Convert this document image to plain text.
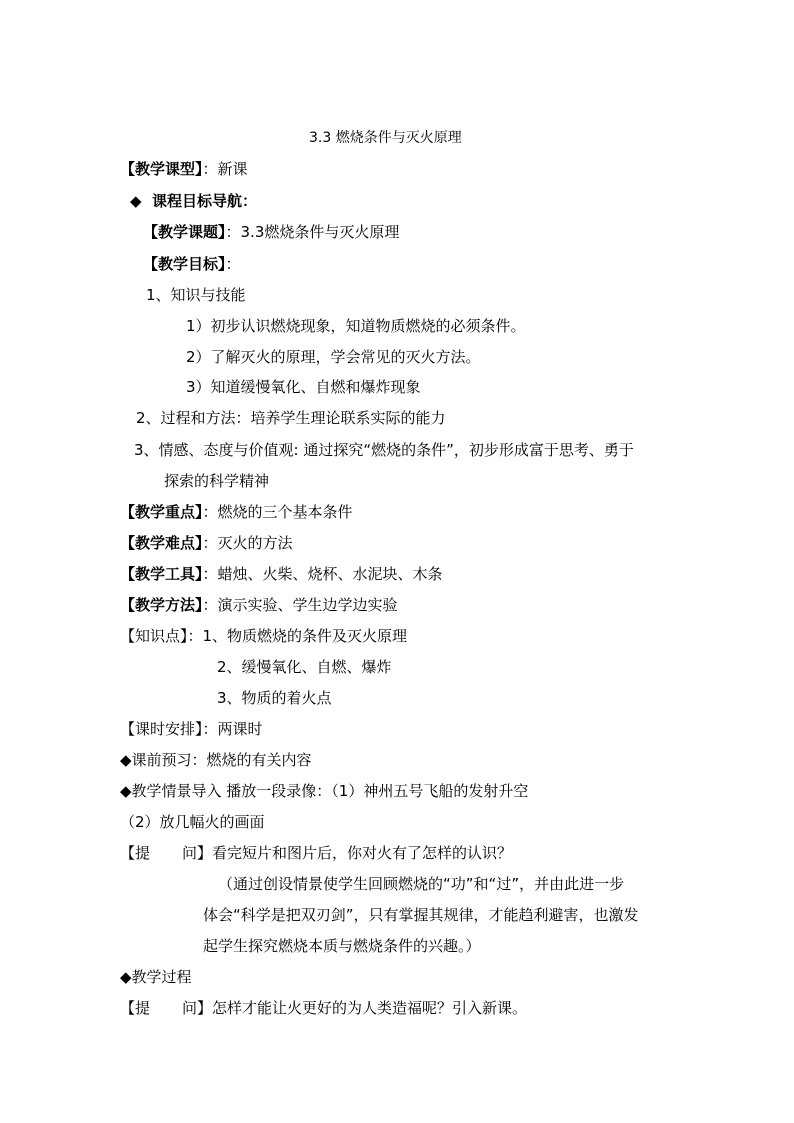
3.3 燃烧条件与灭火原理
【教学课型】：新课
◆ 课程目标导航：
【教学课题】：3.3燃烧条件与灭火原理
【教学目标】：
1、知识与技能
1）初步认识燃烧现象，知道物质燃烧的必须条件。
2）了解灭火的原理，学会常见的灭火方法。
3）知道缓慢氧化、自燃和爆炸现象
2、过程和方法：培养学生理论联系实际的能力
3、情感、态度与价值观: 通过探究“燃烧的条件”，初步形成富于思考、勇于
探索的科学精神
【教学重点】：燃烧的三个基本条件
【教学难点】：灭火的方法
【教学工具】：蜡烛、火柴、烧杯、水泥块、木条
【教学方法】：演示实验、学生边学边实验
【知识点】：1、物质燃烧的条件及灭火原理
2、缓慢氧化、自燃、爆炸
3、物质的着火点
【课时安排】：两课时
◆课前预习：燃烧的有关内容
◆教学情景导入 播放一段录像：（1）神州五号飞船的发射升空
（2）放几幅火的画面
【提 问】看完短片和图片后，你对火有了怎样的认识？
（通过创设情景使学生回顾燃烧的“功”和“过”，并由此进一步
体会“科学是把双刃剑”，只有掌握其规律，才能趋利避害，也激发
起学生探究燃烧本质与燃烧条件的兴趣。）
◆教学过程
【提 问】怎样才能让火更好的为人类造福呢？引入新课。
